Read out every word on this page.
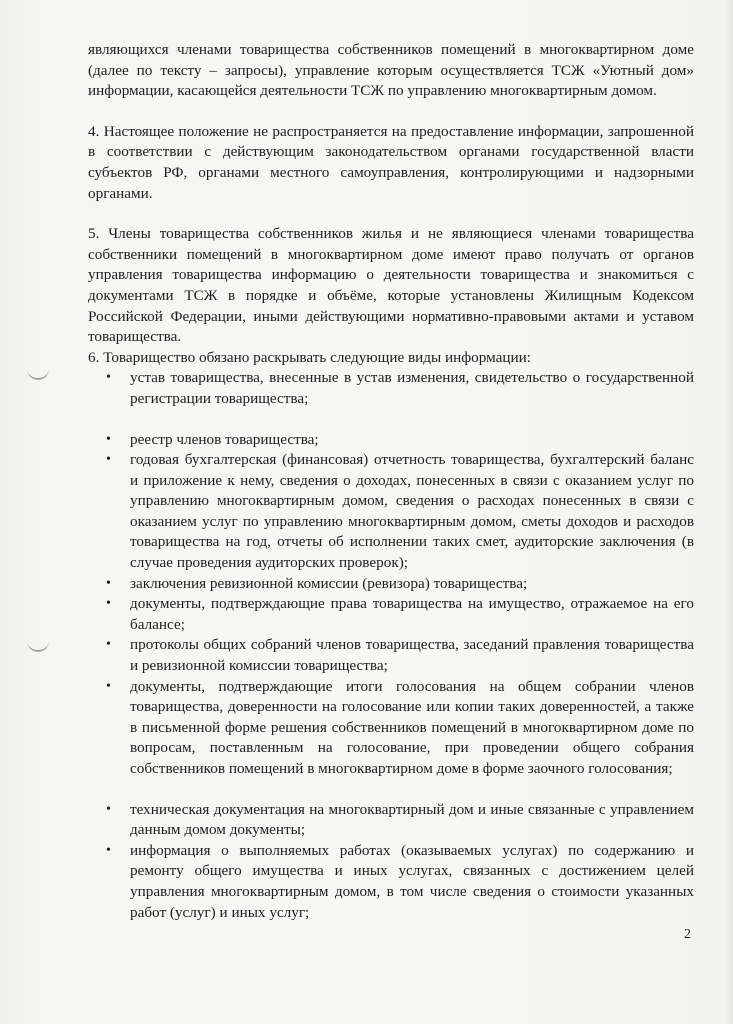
являющихся членами товарищества собственников помещений в многоквартирном доме (далее по тексту – запросы), управление которым осуществляется ТСЖ «Уютный дом» информации, касающейся деятельности ТСЖ по управлению многоквартирным домом.

4. Настоящее положение не распространяется на предоставление информации, запрошенной в соответствии с действующим законодательством органами государственной власти субъектов РФ, органами местного самоуправления, контролирующими и надзорными органами.

5. Члены товарищества собственников жилья и не являющиеся членами товарищества собственники помещений в многоквартирном доме имеют право получать от органов управления товарищества информацию о деятельности товарищества и знакомиться с документами ТСЖ в порядке и объёме, которые установлены Жилищным Кодексом Российской Федерации, иными действующими нормативно-правовыми актами и уставом товарищества.

6. Товарищество обязано раскрывать следующие виды информации:

• устав товарищества, внесенные в устав изменения, свидетельство о государственной регистрации товарищества;
• реестр членов товарищества;
• годовая бухгалтерская (финансовая) отчетность товарищества, бухгалтерский баланс и приложение к нему, сведения о доходах, понесенных в связи с оказанием услуг по управлению многоквартирным домом, сведения о расходах понесенных в связи с оказанием услуг по управлению многоквартирным домом, сметы доходов и расходов товарищества на год, отчеты об исполнении таких смет, аудиторские заключения (в случае проведения аудиторских проверок);
• заключения ревизионной комиссии (ревизора) товарищества;
• документы, подтверждающие права товарищества на имущество, отражаемое на его балансе;
• протоколы общих собраний членов товарищества, заседаний правления товарищества и ревизионной комиссии товарищества;
• документы, подтверждающие итоги голосования на общем собрании членов товарищества, доверенности на голосование или копии таких доверенностей, а также в письменной форме решения собственников помещений в многоквартирном доме по вопросам, поставленным на голосование, при проведении общего собрания собственников помещений в многоквартирном доме в форме заочного голосования;
• техническая документация на многоквартирный дом и иные связанные с управлением данным домом документы;
• информация о выполняемых работах (оказываемых услугах) по содержанию и ремонту общего имущества и иных услугах, связанных с достижением целей управления многоквартирным домом, в том числе сведения о стоимости указанных работ (услуг) и иных услуг;
2
